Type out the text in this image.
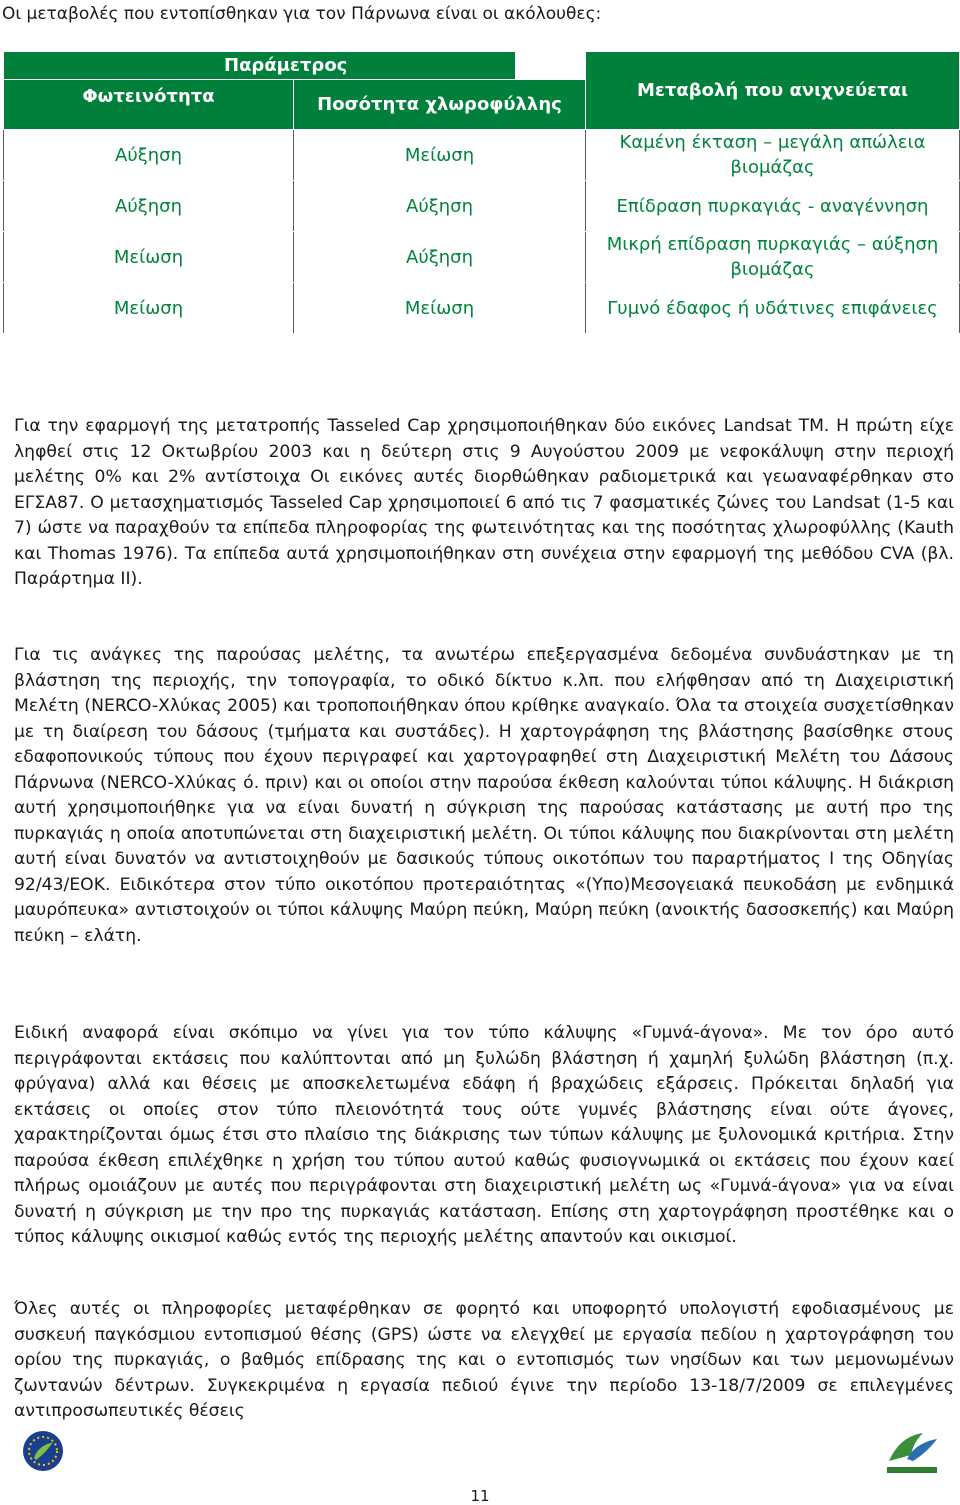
Οι μεταβολές που εντοπίσθηκαν για τον Πάρνωνα είναι οι ακόλουθες:
	Παράμετρος	Μεταβολή που ανιχνεύεται
Φωτεινότητα	Ποσότητα χλωροφύλλης
Αύξηση	Μείωση	Καμένη έκταση – μεγάλη απώλεια βιομάζας
Αύξηση	Αύξηση	Επίδραση πυρκαγιάς - αναγέννηση
Μείωση	Αύξηση	Μικρή επίδραση πυρκαγιάς – αύξηση βιομάζας
Μείωση	Μείωση	Γυμνό έδαφος ή υδάτινες επιφάνειες
Για την εφαρμογή της μετατροπής Tasseled Cap χρησιμοποιήθηκαν δύο εικόνες Landsat TM. Η πρώτη είχε ληφθεί στις 12 Οκτωβρίου 2003 και η δεύτερη στις 9 Αυγούστου 2009 με νεφοκάλυψη στην περιοχή μελέτης 0% και 2% αντίστοιχα Οι εικόνες αυτές διορθώθηκαν ραδιομετρικά και γεωαναφέρθηκαν στο ΕΓΣΑ87. Ο μετασχηματισμός Tasseled Cap χρησιμοποιεί 6 από τις 7 φασματικές ζώνες του Landsat (1-5 και 7) ώστε να παραχθούν τα επίπεδα πληροφορίας της φωτεινότητας και της ποσότητας χλωροφύλλης (Kauth και Thomas 1976). Τα επίπεδα αυτά χρησιμοποιήθηκαν στη συνέχεια στην εφαρμογή της μεθόδου CVA (βλ. Παράρτημα ΙΙ).
Για τις ανάγκες της παρούσας μελέτης, τα ανωτέρω επεξεργασμένα δεδομένα συνδυάστηκαν με τη βλάστηση της περιοχής, την τοπογραφία, το οδικό δίκτυο κ.λπ. που ελήφθησαν από τη Διαχειριστική Μελέτη (NERCO-Χλύκας 2005) και τροποποιήθηκαν όπου κρίθηκε αναγκαίο. Όλα τα στοιχεία συσχετίσθηκαν με τη διαίρεση του δάσους (τμήματα και συστάδες). Η χαρτογράφηση της βλάστησης βασίσθηκε στους εδαφοπονικούς τύπους που έχουν περιγραφεί και χαρτογραφηθεί στη Διαχειριστική Μελέτη του Δάσους Πάρνωνα (NERCO-Χλύκας ό. πριν) και οι οποίοι στην παρούσα έκθεση καλούνται τύποι κάλυψης. Η διάκριση αυτή χρησιμοποιήθηκε για να είναι δυνατή η σύγκριση της παρούσας κατάστασης με αυτή προ της πυρκαγιάς η οποία αποτυπώνεται στη διαχειριστική μελέτη. Οι τύποι κάλυψης που διακρίνονται στη μελέτη αυτή είναι δυνατόν να αντιστοιχηθούν με δασικούς τύπους οικοτόπων του παραρτήματος Ι της Οδηγίας 92/43/ΕΟΚ. Ειδικότερα στον τύπο οικοτόπου προτεραιότητας «(Υπο)Μεσογειακά πευκοδάση με ενδημικά μαυρόπευκα» αντιστοιχούν οι τύποι κάλυψης Μαύρη πεύκη, Μαύρη πεύκη (ανοικτής δασοσκεπής) και Μαύρη πεύκη – ελάτη.
Ειδική αναφορά είναι σκόπιμο να γίνει για τον τύπο κάλυψης «Γυμνά-άγονα». Με τον όρο αυτό περιγράφονται εκτάσεις που καλύπτονται από μη ξυλώδη βλάστηση ή χαμηλή ξυλώδη βλάστηση (π.χ. φρύγανα) αλλά και θέσεις με αποσκελετωμένα εδάφη ή βραχώδεις εξάρσεις. Πρόκειται δηλαδή για εκτάσεις οι οποίες στον τύπο πλειονότητά τους ούτε γυμνές βλάστησης είναι ούτε άγονες, χαρακτηρίζονται όμως έτσι στο πλαίσιο της διάκρισης των τύπων κάλυψης με ξυλονομικά κριτήρια. Στην παρούσα έκθεση επιλέχθηκε η χρήση του τύπου αυτού καθώς φυσιογνωμικά οι εκτάσεις που έχουν καεί πλήρως ομοιάζουν με αυτές που περιγράφονται στη διαχειριστική μελέτη ως «Γυμνά-άγονα» για να είναι δυνατή η σύγκριση με την προ της πυρκαγιάς κατάσταση. Επίσης στη χαρτογράφηση προστέθηκε και ο τύπος κάλυψης οικισμοί καθώς εντός της περιοχής μελέτης απαντούν και οικισμοί.
Όλες αυτές οι πληροφορίες μεταφέρθηκαν σε φορητό και υποφορητό υπολογιστή εφοδιασμένους με συσκευή παγκόσμιου εντοπισμού θέσης (GPS) ώστε να ελεγχθεί με εργασία πεδίου η χαρτογράφηση του ορίου της πυρκαγιάς, ο βαθμός επίδρασης της και ο εντοπισμός των νησίδων και των μεμονωμένων ζωντανών δέντρων. Συγκεκριμένα η εργασία πεδιού έγινε την περίοδο 13-18/7/2009 σε επιλεγμένες αντιπροσωπευτικές θέσεις
11
